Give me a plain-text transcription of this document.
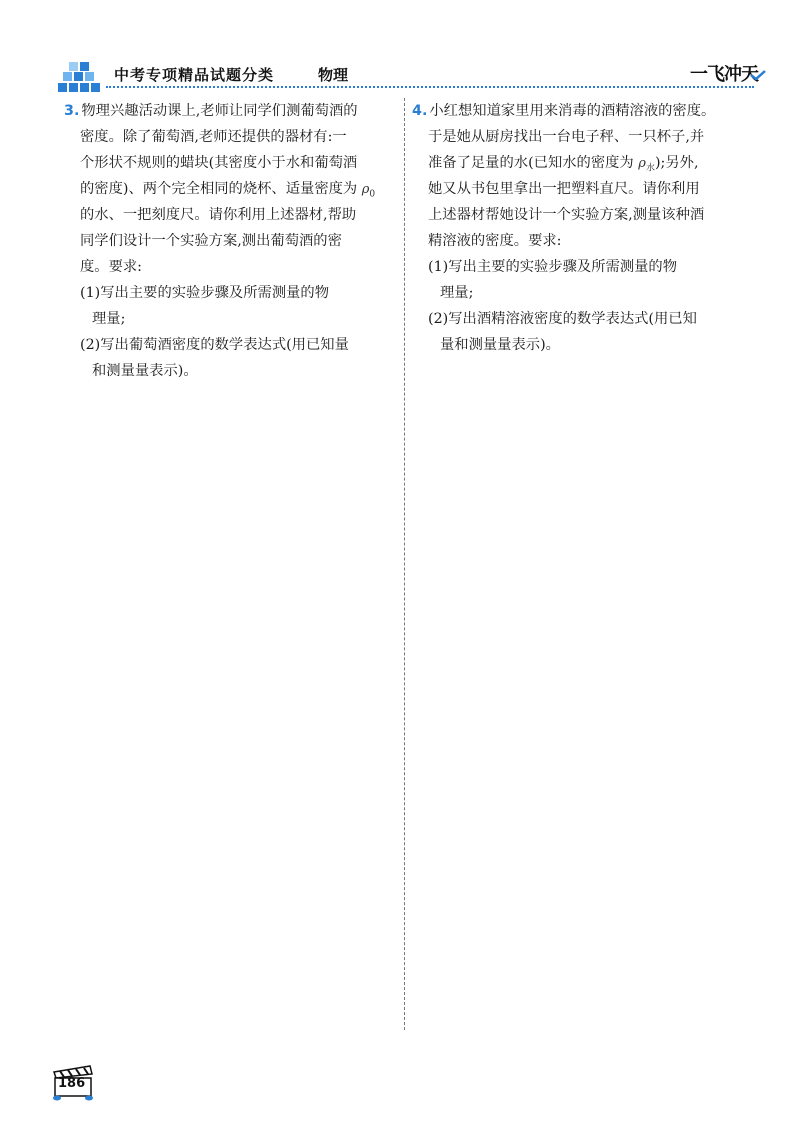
中考专项精品试题分类	物理	一飞冲天
3. 物理兴趣活动课上,老师让同学们测葡萄酒的
密度。除了葡萄酒,老师还提供的器材有:一
个形状不规则的蜡块(其密度小于水和葡萄酒
的密度)、两个完全相同的烧杯、适量密度为 $\rho_0$
的水、一把刻度尺。请你利用上述器材,帮助
同学们设计一个实验方案,测出葡萄酒的密
度。要求:
(1)写出主要的实验步骤及所需测量的物
理量;
(2)写出葡萄酒密度的数学表达式(用已知量
和测量量表示)。
4. 小红想知道家里用来消毒的酒精溶液的密度。
于是她从厨房找出一台电子秤、一只杯子,并
准备了足量的水(已知水的密度为 $\rho_水$);另外,
她又从书包里拿出一把塑料直尺。请你利用
上述器材帮她设计一个实验方案,测量该种酒
精溶液的密度。要求:
(1)写出主要的实验步骤及所需测量的物
理量;
(2)写出酒精溶液密度的数学表达式(用已知
量和测量量表示)。
186
